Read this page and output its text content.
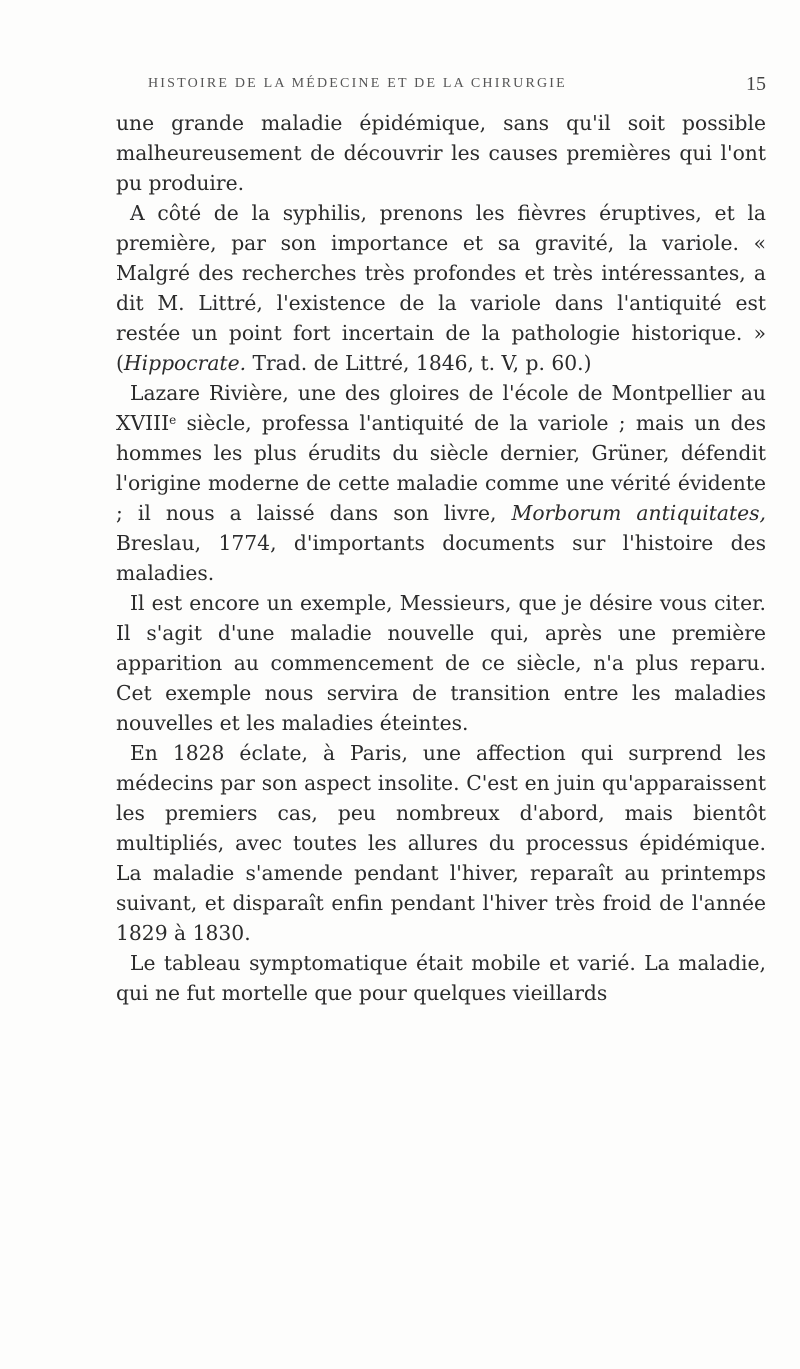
HISTOIRE DE LA MÉDECINE ET DE LA CHIRURGIE	15

une grande maladie épidémique, sans qu'il soit possible malheureusement de découvrir les causes premières qui l'ont pu produire.

A côté de la syphilis, prenons les fièvres éruptives, et la première, par son importance et sa gravité, la variole. « Malgré des recherches très profondes et très intéressantes, a dit M. Littré, l'existence de la variole dans l'antiquité est restée un point fort incertain de la pathologie historique. » (Hippocrate. Trad. de Littré, 1846, t. V, p. 60.)

Lazare Rivière, une des gloires de l'école de Montpellier au XVIIIe siècle, professa l'antiquité de la variole ; mais un des hommes les plus érudits du siècle dernier, Grüner, défendit l'origine moderne de cette maladie comme une vérité évidente ; il nous a laissé dans son livre, Morborum antiquitates, Breslau, 1774, d'importants documents sur l'histoire des maladies.

Il est encore un exemple, Messieurs, que je désire vous citer. Il s'agit d'une maladie nouvelle qui, après une première apparition au commencement de ce siècle, n'a plus reparu. Cet exemple nous servira de transition entre les maladies nouvelles et les maladies éteintes.

En 1828 éclate, à Paris, une affection qui surprend les médecins par son aspect insolite. C'est en juin qu'apparaissent les premiers cas, peu nombreux d'abord, mais bientôt multipliés, avec toutes les allures du processus épidémique. La maladie s'amende pendant l'hiver, reparaît au printemps suivant, et disparaît enfin pendant l'hiver très froid de l'année 1829 à 1830.

Le tableau symptomatique était mobile et varié. La maladie, qui ne fut mortelle que pour quelques vieillards
